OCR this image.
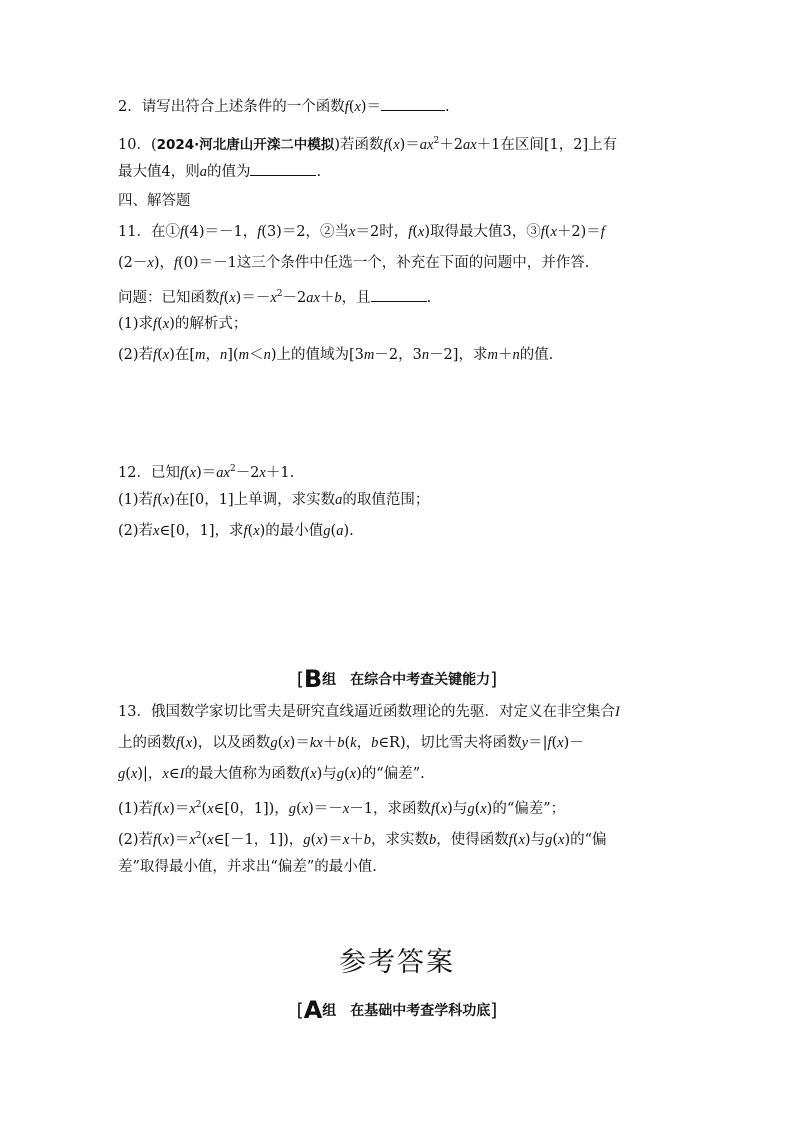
2．请写出符合上述条件的一个函数f(x)＝	.
10．(2024·河北唐山开滦二中模拟)若函数$f(x)=ax^2+2ax+1$在区间[1，2]上有
最大值4，则a的值为	.
四、解答题
11．在①f(4)＝－1，f(3)＝2，②当x＝2时，f(x)取得最大值3，③f(x＋2)＝f
(2－x)，f(0)＝－1这三个条件中任选一个，补充在下面的问题中，并作答.
问题：已知函数$f(x)=-x^2-2ax+b$，且	.
(1)求f(x)的解析式；
(2)若f(x)在[m，n](m＜n)上的值域为[3m－2，3n－2]，求m＋n的值.
12．已知$f(x)=ax^2-2x+1$.
(1)若f(x)在[0，1]上单调，求实数a的取值范围；
(2)若x∈[0，1]，求f(x)的最小值g(a).
[B组　在综合中考查关键能力]
13．俄国数学家切比雪夫是研究直线逼近函数理论的先驱．对定义在非空集合I
上的函数f(x)，以及函数g(x)＝kx＋b(k，b∈R)，切比雪夫将函数y＝|f(x)－
g(x)|，x∈I的最大值称为函数f(x)与g(x)的“偏差”.
(1)若$f(x)=x^2(x\in[0$，1])，g(x)＝－x－1，求函数f(x)与g(x)的“偏差”；
(2)若$f(x)=x^2(x\in[-1$，1])，g(x)＝x＋b，求实数b，使得函数f(x)与g(x)的“偏
差”取得最小值，并求出“偏差”的最小值.
参考答案
[A组　在基础中考查学科功底]
